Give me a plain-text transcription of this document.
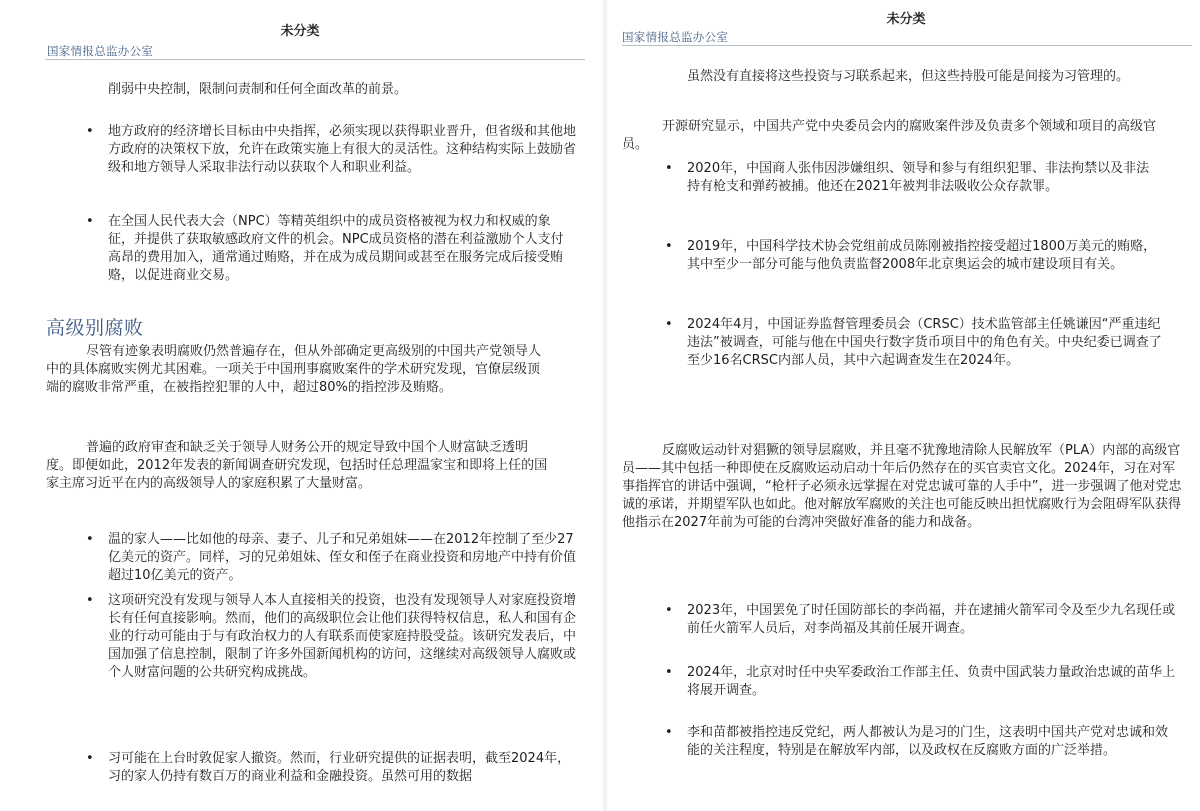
未分类
国家情报总监办公室
削弱中央控制，限制问责制和任何全面改革的前景。
• 地方政府的经济增长目标由中央指挥，必须实现以获得职业晋升，但省级和其他地方政府的决策权下放，允许在政策实施上有很大的灵活性。这种结构实际上鼓励省级和地方领导人采取非法行动以获取个人和职业利益。
• 在全国人民代表大会（NPC）等精英组织中的成员资格被视为权力和权威的象征，并提供了获取敏感政府文件的机会。NPC成员资格的潜在利益激励个人支付高昂的费用加入，通常通过贿赂，并在成为成员期间或甚至在服务完成后接受贿赂，以促进商业交易。
高级别腐败
尽管有迹象表明腐败仍然普遍存在，但从外部确定更高级别的中国共产党领导人中的具体腐败实例尤其困难。一项关于中国刑事腐败案件的学术研究发现，官僚层级顶端的腐败非常严重，在被指控犯罪的人中，超过80%的指控涉及贿赂。
普遍的政府审查和缺乏关于领导人财务公开的规定导致中国个人财富缺乏透明度。即便如此，2012年发表的新闻调查研究发现，包括时任总理温家宝和即将上任的国家主席习近平在内的高级领导人的家庭积累了大量财富。
• 温的家人——比如他的母亲、妻子、儿子和兄弟姐妹——在2012年控制了至少27亿美元的资产。同样，习的兄弟姐妹、侄女和侄子在商业投资和房地产中持有价值超过10亿美元的资产。
• 这项研究没有发现与领导人本人直接相关的投资，也没有发现领导人对家庭投资增长有任何直接影响。然而，他们的高级职位会让他们获得特权信息，私人和国有企业的行动可能由于与有政治权力的人有联系而使家庭持股受益。该研究发表后，中国加强了信息控制，限制了许多外国新闻机构的访问，这继续对高级领导人腐败或个人财富问题的公共研究构成挑战。
• 习可能在上台时敦促家人撤资。然而，行业研究提供的证据表明，截至2024年，习的家人仍持有数百万的商业利益和金融投资。虽然可用的数据
未分类
国家情报总监办公室
虽然没有直接将这些投资与习联系起来，但这些持股可能是间接为习管理的。
开源研究显示，中国共产党中央委员会内的腐败案件涉及负责多个领域和项目的高级官员。
• 2020年，中国商人张伟因涉嫌组织、领导和参与有组织犯罪、非法拘禁以及非法持有枪支和弹药被捕。他还在2021年被判非法吸收公众存款罪。
• 2019年，中国科学技术协会党组前成员陈刚被指控接受超过1800万美元的贿赂，其中至少一部分可能与他负责监督2008年北京奥运会的城市建设项目有关。
• 2024年4月，中国证券监督管理委员会（CRSC）技术监管部主任姚谦因“严重违纪违法”被调查，可能与他在中国央行数字货币项目中的角色有关。中央纪委已调查了至少16名CRSC内部人员，其中六起调查发生在2024年。
反腐败运动针对猖獗的领导层腐败，并且毫不犹豫地清除人民解放军（PLA）内部的高级官员——其中包括一种即使在反腐败运动启动十年后仍然存在的买官卖官文化。2024年，习在对军事指挥官的讲话中强调，“枪杆子必须永远掌握在对党忠诚可靠的人手中”，进一步强调了他对党忠诚的承诺，并期望军队也如此。他对解放军腐败的关注也可能反映出担忧腐败行为会阻碍军队获得他指示在2027年前为可能的台湾冲突做好准备的能力和战备。
• 2023年，中国罢免了时任国防部长的李尚福，并在逮捕火箭军司令及至少九名现任或前任火箭军人员后，对李尚福及其前任展开调查。
• 2024年，北京对时任中央军委政治工作部主任、负责中国武装力量政治忠诚的苗华上将展开调查。
• 李和苗都被指控违反党纪，两人都被认为是习的门生，这表明中国共产党对忠诚和效能的关注程度，特别是在解放军内部，以及政权在反腐败方面的广泛举措。
